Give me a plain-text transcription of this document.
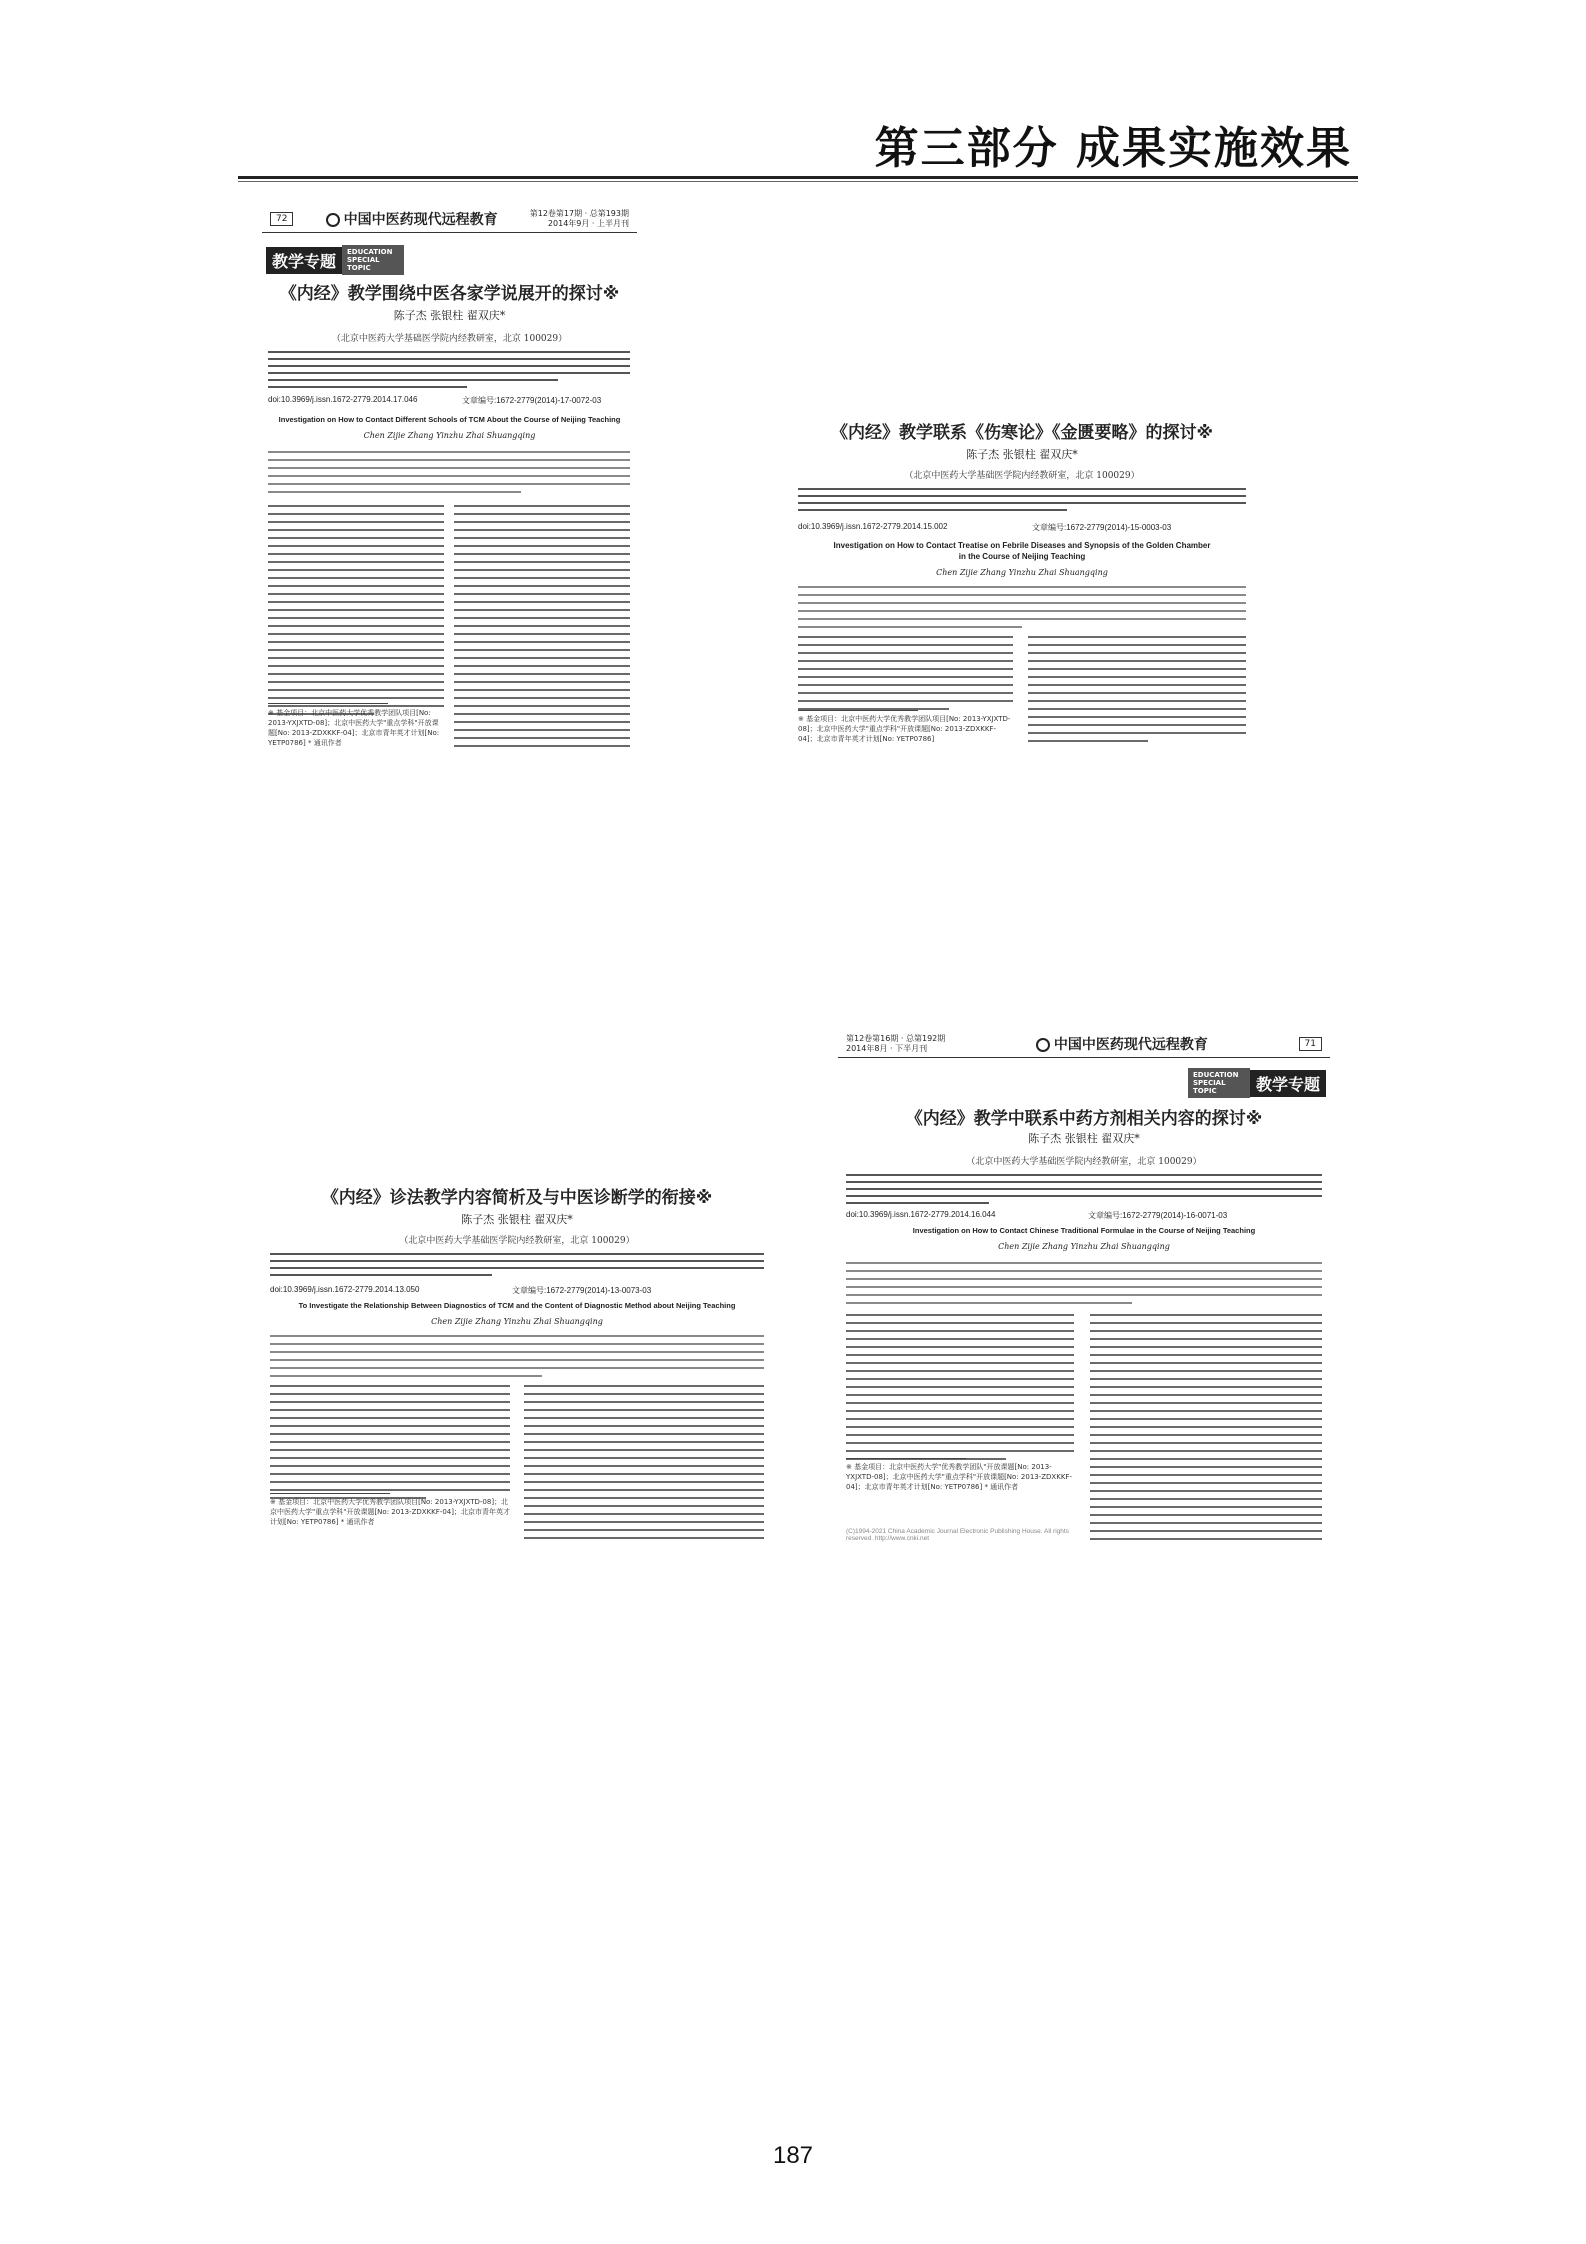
第三部分 成果实施效果
72	中国中医药现代远程教育	第12卷第17期 · 总第193期
2014年9月 · 上半月刊
教学专题	EDUCATION SPECIAL TOPIC
《内经》教学围绕中医各家学说展开的探讨※
陈子杰 张银柱 翟双庆*
（北京中医药大学基础医学院内经教研室，北京 100029）
doi:10.3969/j.issn.1672-2779.2014.17.046	文章编号:1672-2779(2014)-17-0072-03
Investigation on How to Contact Different Schools of TCM About the Course of Neijing Teaching
Chen Zijie Zhang Yinzhu Zhai Shuangqing
※ 基金项目：北京中医药大学优秀教学团队项目[No: 2013-YXJXTD-08]；北京中医药大学"重点学科"开放课题[No: 2013-ZDXKKF-04]；北京市青年英才计划[No: YETP0786] * 通讯作者
《内经》教学联系《伤寒论》《金匮要略》的探讨※
陈子杰 张银柱 翟双庆*
（北京中医药大学基础医学院内经教研室，北京 100029）
doi:10.3969/j.issn.1672-2779.2014.15.002	文章编号:1672-2779(2014)-15-0003-03
Investigation on How to Contact Treatise on Febrile Diseases and Synopsis of the Golden Chamber in the Course of Neijing Teaching
Chen Zijie Zhang Yinzhu Zhai Shuangqing
※ 基金项目：北京中医药大学优秀教学团队项目[No: 2013-YXJXTD-08]；北京中医药大学"重点学科"开放课题[No: 2013-ZDXKKF-04]；北京市青年英才计划[No: YETP0786]
《内经》诊法教学内容简析及与中医诊断学的衔接※
陈子杰 张银柱 翟双庆*
（北京中医药大学基础医学院内经教研室，北京 100029）
doi:10.3969/j.issn.1672-2779.2014.13.050	文章编号:1672-2779(2014)-13-0073-03
To Investigate the Relationship Between Diagnostics of TCM and the Content of Diagnostic Method about Neijing Teaching
Chen Zijie Zhang Yinzhu Zhai Shuangqing
※ 基金项目：北京中医药大学优秀教学团队项目[No: 2013-YXJXTD-08]；北京中医药大学"重点学科"开放课题[No: 2013-ZDXKKF-04]；北京市青年英才计划[No: YETP0786] * 通讯作者
第12卷第16期 · 总第192期
2014年8月 · 下半月刊	中国中医药现代远程教育	71
EDUCATION SPECIAL TOPIC	教学专题
《内经》教学中联系中药方剂相关内容的探讨※
陈子杰 张银柱 翟双庆*
（北京中医药大学基础医学院内经教研室，北京 100029）
doi:10.3969/j.issn.1672-2779.2014.16.044	文章编号:1672-2779(2014)-16-0071-03
Investigation on How to Contact Chinese Traditional Formulae in the Course of Neijing Teaching
Chen Zijie Zhang Yinzhu Zhai Shuangqing
※ 基金项目：北京中医药大学"优秀教学团队"开放课题[No: 2013-YXJXTD-08]；北京中医药大学"重点学科"开放课题[No: 2013-ZDXKKF-04]；北京市青年英才计划[No: YETP0786] * 通讯作者
(C)1994-2021 China Academic Journal Electronic Publishing House. All rights reserved. http://www.cnki.net
187
